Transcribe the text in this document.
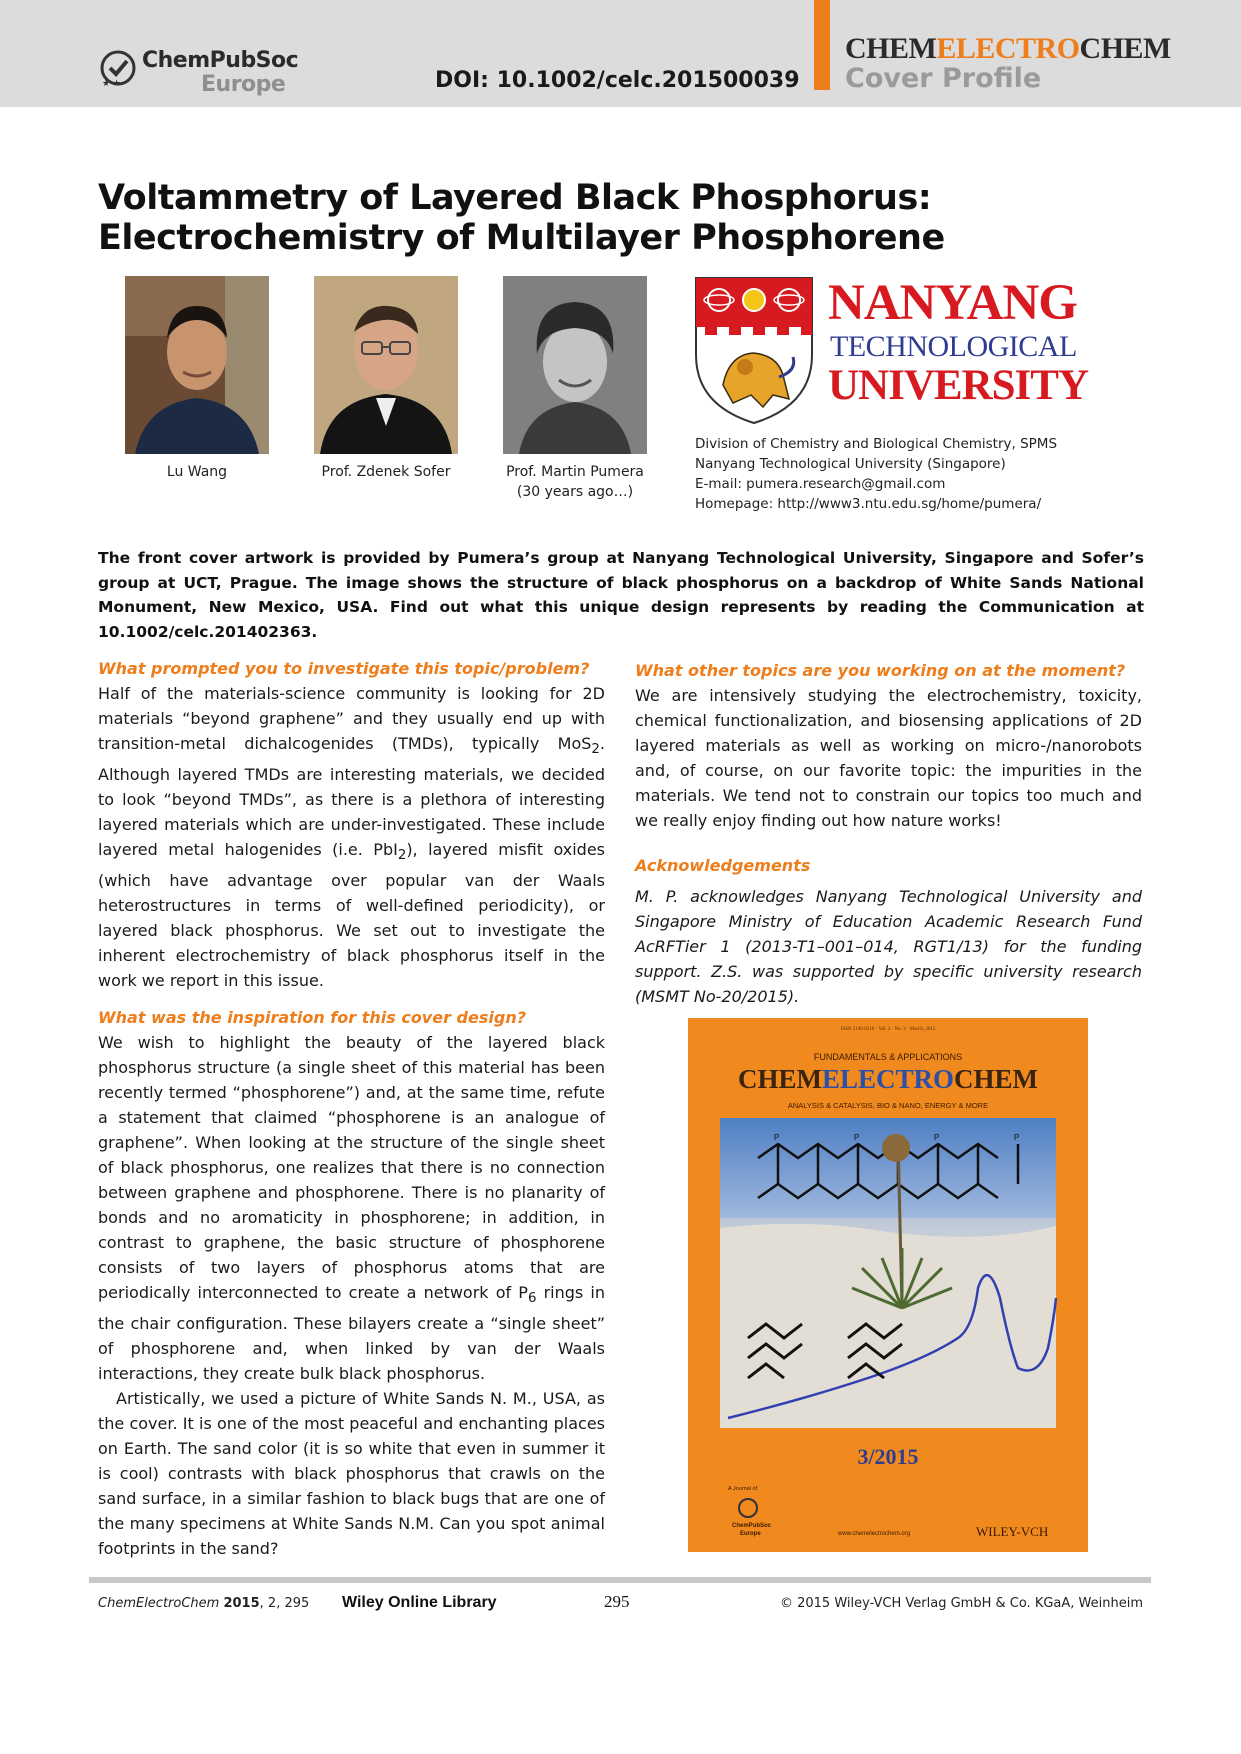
★ ★
ChemPubSoc
Europe	DOI: 10.1002/celc.201500039
CHEMELECTROCHEM
Cover Profile
Voltammetry of Layered Black Phosphorus:
Electrochemistry of Multilayer Phosphorene
Lu Wang	Prof. Zdenek Sofer	Prof. Martin Pumera
(30 years ago…)
NANYANG
TECHNOLOGICAL
UNIVERSITY
Division of Chemistry and Biological Chemistry, SPMS
Nanyang Technological University (Singapore)
E-mail: pumera.research@gmail.com
Homepage: http://www3.ntu.edu.sg/home/pumera/

The front cover artwork is provided by Pumera’s group at Nanyang Technological University, Singapore and Sofer’s group at UCT, Prague. The image shows the structure of black phosphorus on a backdrop of White Sands National Monument, New Mexico, USA. Find out what this unique design represents by reading the Communication at 10.1002/celc.201402363.

What prompted you to investigate this topic/problem?

Half of the materials-science community is looking for 2D materials “beyond graphene” and they usually end up with transition-metal dichalcogenides (TMDs), typically MoS$_2$. Although layered TMDs are interesting materials, we decided to look “beyond TMDs”, as there is a plethora of interesting layered materials which are under-investigated. These include layered metal halogenides (i.e. PbI$_2$), layered misfit oxides (which have advantage over popular van der Waals heterostructures in terms of well-defined periodicity), or layered black phosphorus. We set out to investigate the inherent electrochemistry of black phosphorus itself in the work we report in this issue.

What was the inspiration for this cover design?

We wish to highlight the beauty of the layered black phosphorus structure (a single sheet of this material has been recently termed “phosphorene”) and, at the same time, refute a statement that claimed “phosphorene is an analogue of graphene”. When looking at the structure of the single sheet of black phosphorus, one realizes that there is no connection between graphene and phosphorene. There is no planarity of bonds and no aromaticity in phosphorene; in addition, in contrast to graphene, the basic structure of phosphorene consists of two layers of phosphorus atoms that are periodically interconnected to create a network of $P_6$ rings in the chair configuration. These bilayers create a “single sheet” of phosphorene and, when linked by van der Waals interactions, they create bulk black phosphorus.

Artistically, we used a picture of White Sands N. M., USA, as the cover. It is one of the most peaceful and enchanting places on Earth. The sand color (it is so white that even in summer it is cool) contrasts with black phosphorus that crawls on the sand surface, in a similar fashion to black bugs that are one of the many specimens at White Sands N.M. Can you spot animal footprints in the sand?

What other topics are you working on at the moment?

We are intensively studying the electrochemistry, toxicity, chemical functionalization, and biosensing applications of 2D layered materials as well as working on micro-/nanorobots and, of course, on our favorite topic: the impurities in the materials. We tend not to constrain our topics too much and we really enjoy finding out how nature works!

Acknowledgements

M. P. acknowledges Nanyang Technological University and Singapore Ministry of Education Academic Research Fund AcRFTier 1 (2013-T1–001–014, RGT1/13) for the funding support. Z.S. was supported by specific university research (MSMT No-20/2015).

ISSN 2196-0216 · Vol. 2 · No. 3 · March, 2015
FUNDAMENTALS & APPLICATIONS
CHEMELECTROCHEM
ANALYSIS & CATALYSIS, BIO & NANO, ENERGY & MORE
P	P	P	P
3/2015
A Journal of
ChemPubSoc
Europe	www.chemelectrochem.org	WILEY-VCH
ChemElectroChem 2015, 2, 295 Wiley Online Library	295	© 2015 Wiley-VCH Verlag GmbH & Co. KGaA, Weinheim
